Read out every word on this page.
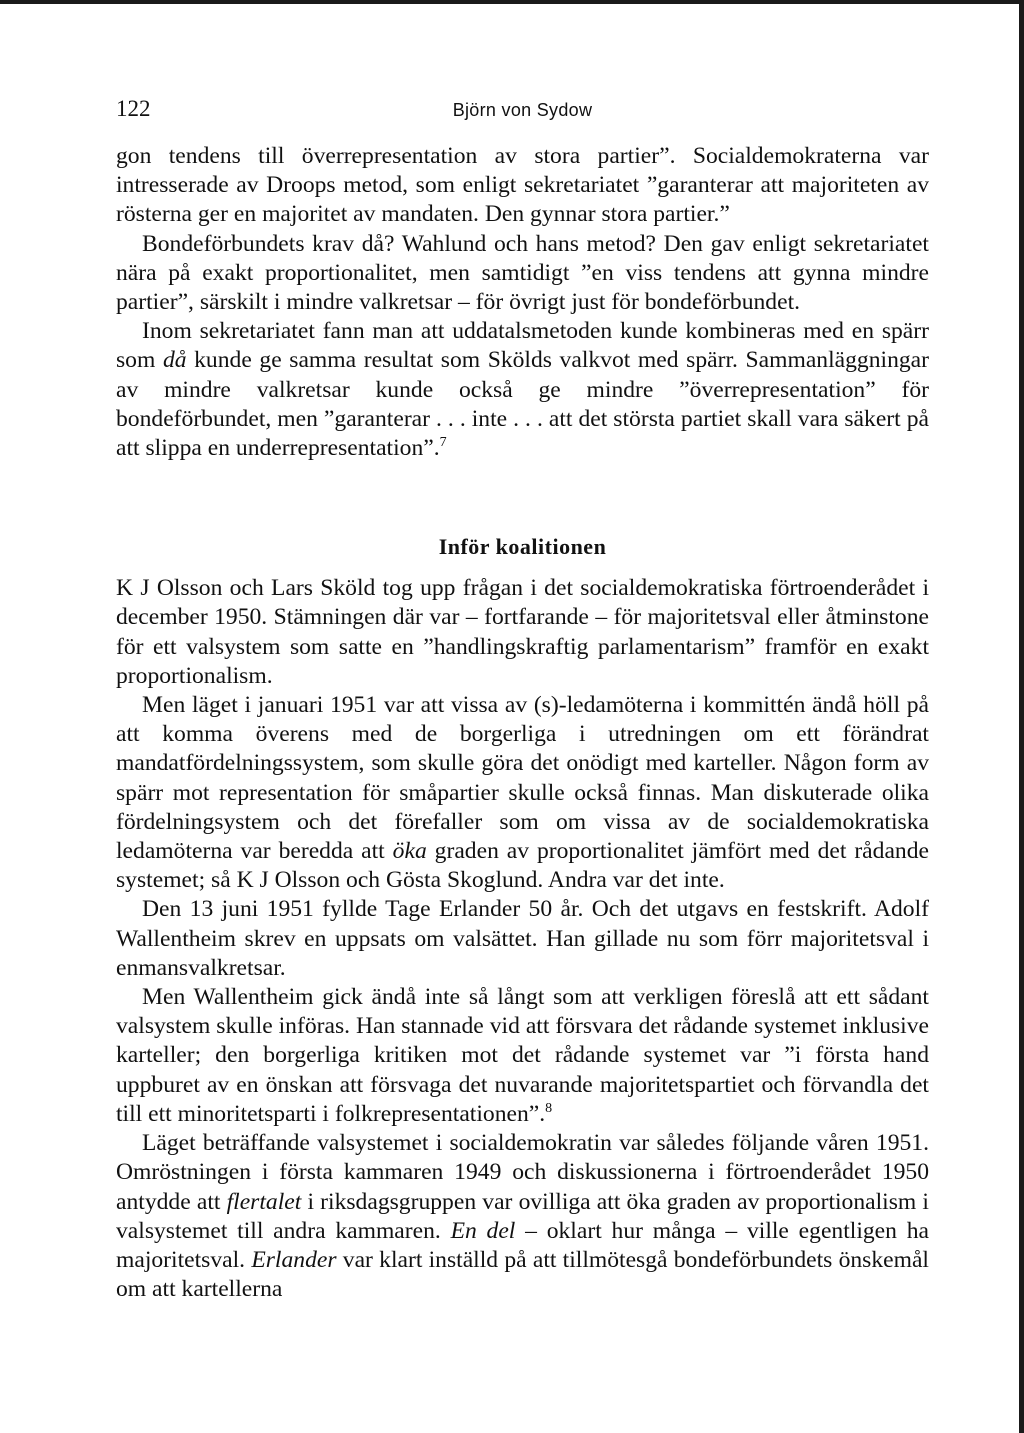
122	Björn von Sydow

gon tendens till överrepresentation av stora partier”. Socialdemokraterna var intresserade av Droops metod, som enligt sekretariatet ”garanterar att majoriteten av rösterna ger en majoritet av mandaten. Den gynnar stora partier.”

Bondeförbundets krav då? Wahlund och hans metod? Den gav enligt sekretariatet nära på exakt proportionalitet, men samtidigt ”en viss tendens att gynna mindre partier”, särskilt i mindre valkretsar – för övrigt just för bondeförbundet.

Inom sekretariatet fann man att uddatalsmetoden kunde kombineras med en spärr som då kunde ge samma resultat som Skölds valkvot med spärr. Sammanläggningar av mindre valkretsar kunde också ge mindre ”överrepresentation” för bondeförbundet, men ”garanterar . . . inte . . . att det största partiet skall vara säkert på att slippa en underrepresentation”.$^7$

Inför koalitionen

K J Olsson och Lars Sköld tog upp frågan i det socialdemokratiska förtroenderådet i december 1950. Stämningen där var – fortfarande – för majoritetsval eller åtminstone för ett valsystem som satte en ”handlingskraftig parlamentarism” framför en exakt proportionalism.

Men läget i januari 1951 var att vissa av (s)-ledamöterna i kommittén ändå höll på att komma överens med de borgerliga i utredningen om ett förändrat mandatfördelningssystem, som skulle göra det onödigt med karteller. Någon form av spärr mot representation för småpartier skulle också finnas. Man diskuterade olika fördelningsystem och det förefaller som om vissa av de socialdemokratiska ledamöterna var beredda att öka graden av proportionalitet jämfört med det rådande systemet; så K J Olsson och Gösta Skoglund. Andra var det inte.

Den 13 juni 1951 fyllde Tage Erlander 50 år. Och det utgavs en festskrift. Adolf Wallentheim skrev en uppsats om valsättet. Han gillade nu som förr majoritetsval i enmansvalkretsar.

Men Wallentheim gick ändå inte så långt som att verkligen föreslå att ett sådant valsystem skulle införas. Han stannade vid att försvara det rådande systemet inklusive karteller; den borgerliga kritiken mot det rådande systemet var ”i första hand uppburet av en önskan att försvaga det nuvarande majoritetspartiet och förvandla det till ett minoritetsparti i folkrepresentationen”.$^8$

Läget beträffande valsystemet i socialdemokratin var således följande våren 1951. Omröstningen i första kammaren 1949 och diskussionerna i förtroenderådet 1950 antydde att flertalet i riksdagsgruppen var ovilliga att öka graden av proportionalism i valsystemet till andra kammaren. En del – oklart hur många – ville egentligen ha majoritetsval. Erlander var klart inställd på att tillmötesgå bondeförbundets önskemål om att kartellerna
